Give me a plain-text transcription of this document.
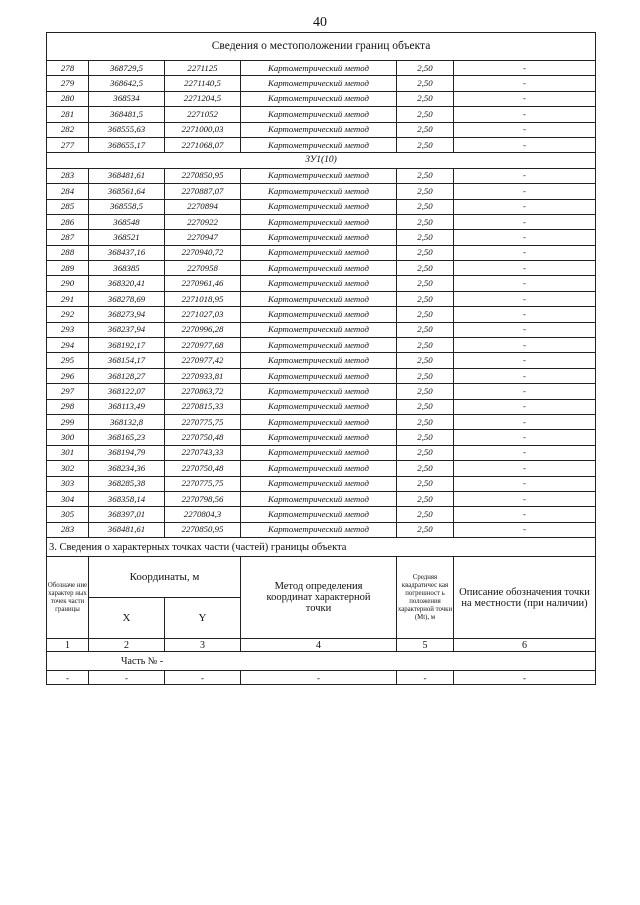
40
Сведения о местоположении границ объекта					
278	368729,5	2271125	Картометрический метод	2,50	-
279	368642,5	2271140,5	Картометрический метод	2,50	-
280	368534	2271204,5	Картометрический метод	2,50	-
281	368481,5	2271052	Картометрический метод	2,50	-
282	368555,63	2271000,03	Картометрический метод	2,50	-
277	368655,17	2271068,07	Картометрический метод	2,50	-
ЗУ1(10)					
283	368481,61	2270850,95	Картометрический метод	2,50	-
284	368561,64	2270887,07	Картометрический метод	2,50	-
285	368558,5	2270894	Картометрический метод	2,50	-
286	368548	2270922	Картометрический метод	2,50	-
287	368521	2270947	Картометрический метод	2,50	-
288	368437,16	2270940,72	Картометрический метод	2,50	-
289	368385	2270958	Картометрический метод	2,50	-
290	368320,41	2270961,46	Картометрический метод	2,50	-
291	368278,69	2271018,95	Картометрический метод	2,50	-
292	368273,94	2271027,03	Картометрический метод	2,50	-
293	368237,94	2270996,28	Картометрический метод	2,50	-
294	368192,17	2270977,68	Картометрический метод	2,50	-
295	368154,17	2270977,42	Картометрический метод	2,50	-
296	368128,27	2270933,81	Картометрический метод	2,50	-
297	368122,07	2270863,72	Картометрический метод	2,50	-
298	368113,49	2270815,33	Картометрический метод	2,50	-
299	368132,8	2270775,75	Картометрический метод	2,50	-
300	368165,23	2270750,48	Картометрический метод	2,50	-
301	368194,79	2270743,33	Картометрический метод	2,50	-
302	368234,36	2270750,48	Картометрический метод	2,50	-
303	368285,38	2270775,75	Картометрический метод	2,50	-
304	368358,14	2270798,56	Картометрический метод	2,50	-
305	368397,01	2270804,3	Картометрический метод	2,50	-
283	368481,61	2270850,95	Картометрический метод	2,50	-
3. Сведения о характерных точках части (частей) границы объекта					
Обозначе ние характер ных точек части границы	Координаты, м		Метод определения координат характерной точки	Средняя квадратичес кая погрешност ь положения характерной точки (Mt), м	Описание обозначения точки на местности (при наличии)
	X	Y			
1	2	3	4	5	6
Часть № -					
-	-	-	-	-	-
